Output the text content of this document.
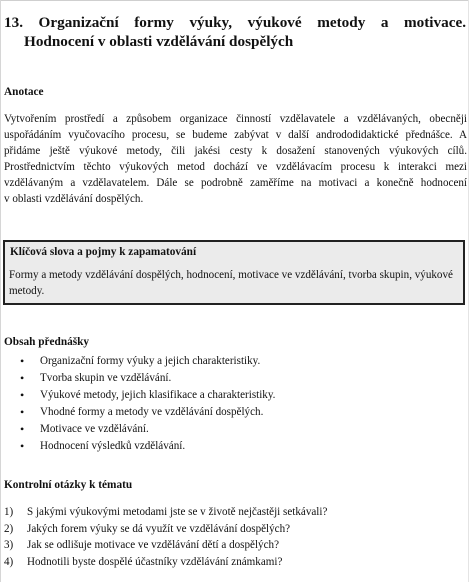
13. Organizační formy výuky, výukové metody a motivace.
Hodnocení v oblasti vzdělávání dospělých
Anotace
Vytvořením prostředí a způsobem organizace činností vzdělavatele a vzdělávaných, obecněji
uspořádáním vyučovacího procesu, se budeme zabývat v další andrododidaktické přednášce. A
přidáme ještě výukové metody, čili jakési cesty k dosažení stanovených výukových cílů.
Prostřednictvím těchto výukových metod dochází ve vzdělávacím procesu k interakci mezi
vzdělávaným a vzdělavatelem. Dále se podrobně zaměříme na motivaci a konečně hodnocení
v oblasti vzdělávání dospělých.
Klíčová slova a pojmy k zapamatování
Formy a metody vzdělávání dospělých, hodnocení, motivace ve vzdělávání, tvorba skupin, výukové metody.
Obsah přednášky
• Organizační formy výuky a jejich charakteristiky.
• Tvorba skupin ve vzdělávání.
• Výukové metody, jejich klasifikace a charakteristiky.
• Vhodné formy a metody ve vzdělávání dospělých.
• Motivace ve vzdělávání.
• Hodnocení výsledků vzdělávání.
Kontrolní otázky k tématu
1) S jakými výukovými metodami jste se v životě nejčastěji setkávali?
2) Jakých forem výuky se dá využít ve vzdělávání dospělých?
3) Jak se odlišuje motivace ve vzdělávání dětí a dospělých?
4) Hodnotili byste dospělé účastníky vzdělávání známkami?
